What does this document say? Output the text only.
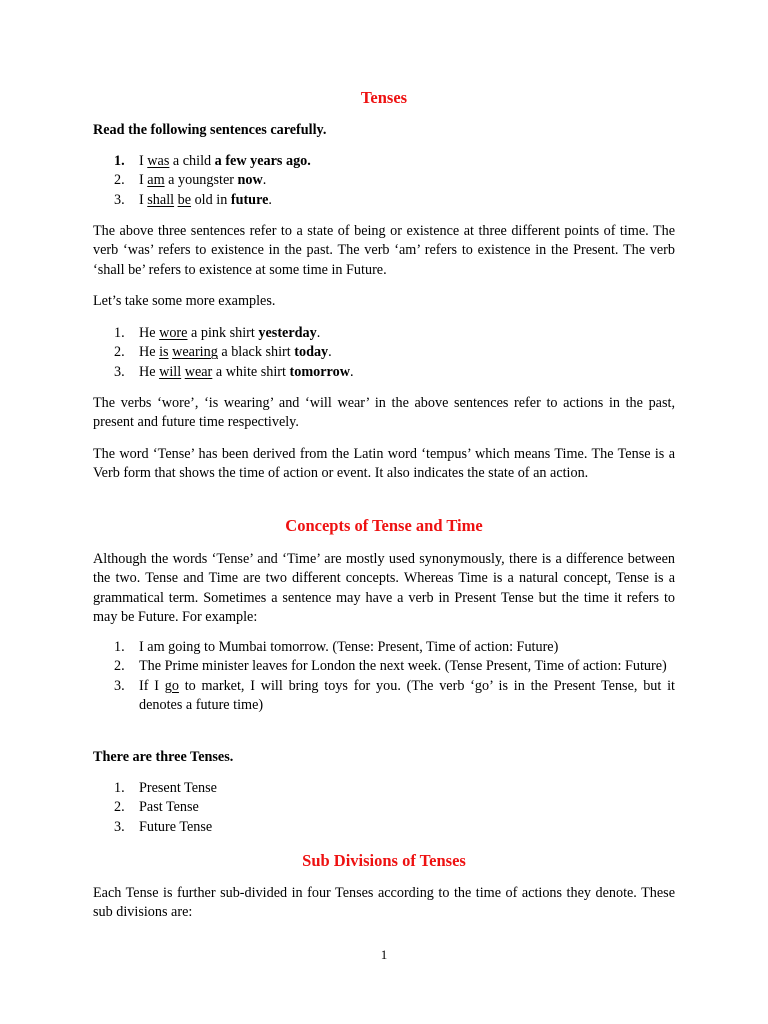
Tenses

Read the following sentences carefully.

1. I was a child a few years ago.
2. I am a youngster now.
3. I shall be old in future.

The above three sentences refer to a state of being or existence at three different points of time. The verb ‘was’ refers to existence in the past. The verb ‘am’ refers to existence in the Present. The verb ‘shall be’ refers to existence at some time in Future.

Let’s take some more examples.

1. He wore a pink shirt yesterday.
2. He is wearing a black shirt today.
3. He will wear a white shirt tomorrow.

The verbs ‘wore’, ‘is wearing’ and ‘will wear’ in the above sentences refer to actions in the past, present and future time respectively.

The word ‘Tense’ has been derived from the Latin word ‘tempus’ which means Time. The Tense is a Verb form that shows the time of action or event. It also indicates the state of an action.

Concepts of Tense and Time

Although the words ‘Tense’ and ‘Time’ are mostly used synonymously, there is a difference between the two. Tense and Time are two different concepts. Whereas Time is a natural concept, Tense is a grammatical term. Sometimes a sentence may have a verb in Present Tense but the time it refers to may be Future. For example:

1. I am going to Mumbai tomorrow. (Tense: Present, Time of action: Future)
2. The Prime minister leaves for London the next week. (Tense Present, Time of action: Future)
3. If I go to market, I will bring toys for you. (The verb ‘go’ is in the Present Tense, but it denotes a future time)

There are three Tenses.

1. Present Tense
2. Past Tense
3. Future Tense
Sub Divisions of Tenses

Each Tense is further sub-divided in four Tenses according to the time of actions they denote. These sub divisions are:

1
